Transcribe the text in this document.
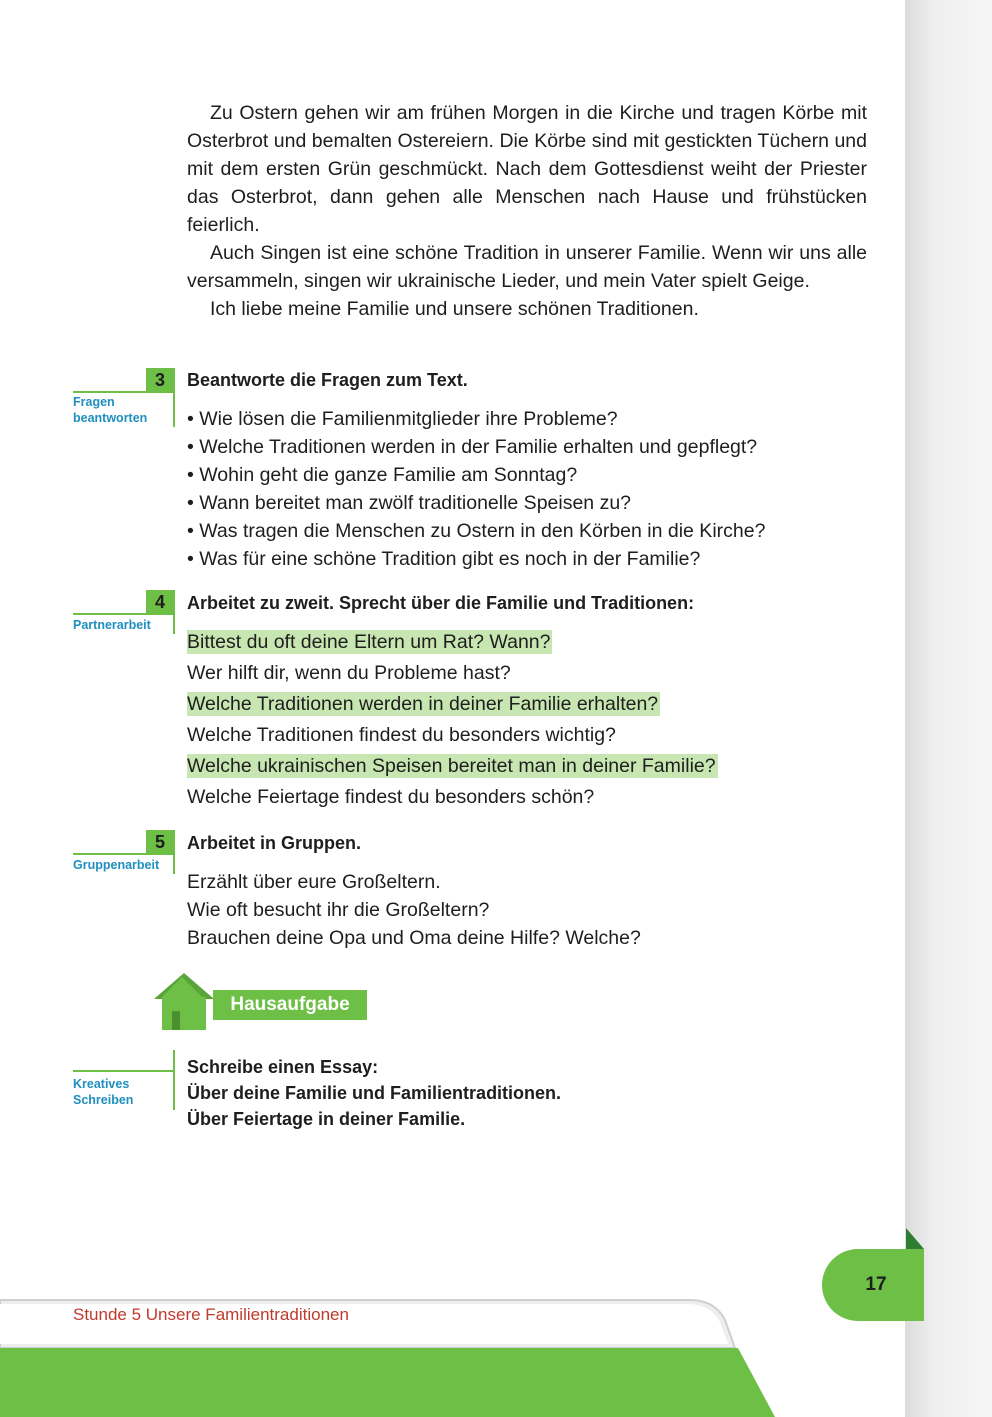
Zu Ostern gehen wir am frühen Morgen in die Kirche und tragen Körbe mit Osterbrot und bemalten Ostereiern. Die Körbe sind mit gestickten Tüchern und mit dem ersten Grün geschmückt. Nach dem Gottesdienst weiht der Priester das Osterbrot, dann gehen alle Menschen nach Hause und frühstücken feierlich.

Auch Singen ist eine schöne Tradition in unserer Familie. Wenn wir uns alle versammeln, singen wir ukrainische Lieder, und mein Vater spielt Geige.

Ich liebe meine Familie und unsere schönen Traditionen.

3
Fragen
beantworten
Beantworte die Fragen zum Text.
• Wie lösen die Familienmitglieder ihre Probleme?
• Welche Traditionen werden in der Familie erhalten und gepflegt?
• Wohin geht die ganze Familie am Sonntag?
• Wann bereitet man zwölf traditionelle Speisen zu?
• Was tragen die Menschen zu Ostern in den Körben in die Kirche?
• Was für eine schöne Tradition gibt es noch in der Familie?
4
Partnerarbeit
Arbeitet zu zweit. Sprecht über die Familie und Traditionen:
Bittest du oft deine Eltern um Rat? Wann?
Wer hilft dir, wenn du Probleme hast?
Welche Traditionen werden in deiner Familie erhalten?
Welche Traditionen findest du besonders wichtig?
Welche ukrainischen Speisen bereitet man in deiner Familie?
Welche Feiertage findest du besonders schön?
5
Gruppenarbeit
Arbeitet in Gruppen.
Erzählt über eure Großeltern.
Wie oft besucht ihr die Großeltern?
Brauchen deine Opa und Oma deine Hilfe? Welche?
Hausaufgabe
Kreatives
Schreiben
Schreibe einen Essay:
Über deine Familie und Familientraditionen.
Über Feiertage in deiner Familie.
17
Stunde 5 Unsere Familientraditionen
